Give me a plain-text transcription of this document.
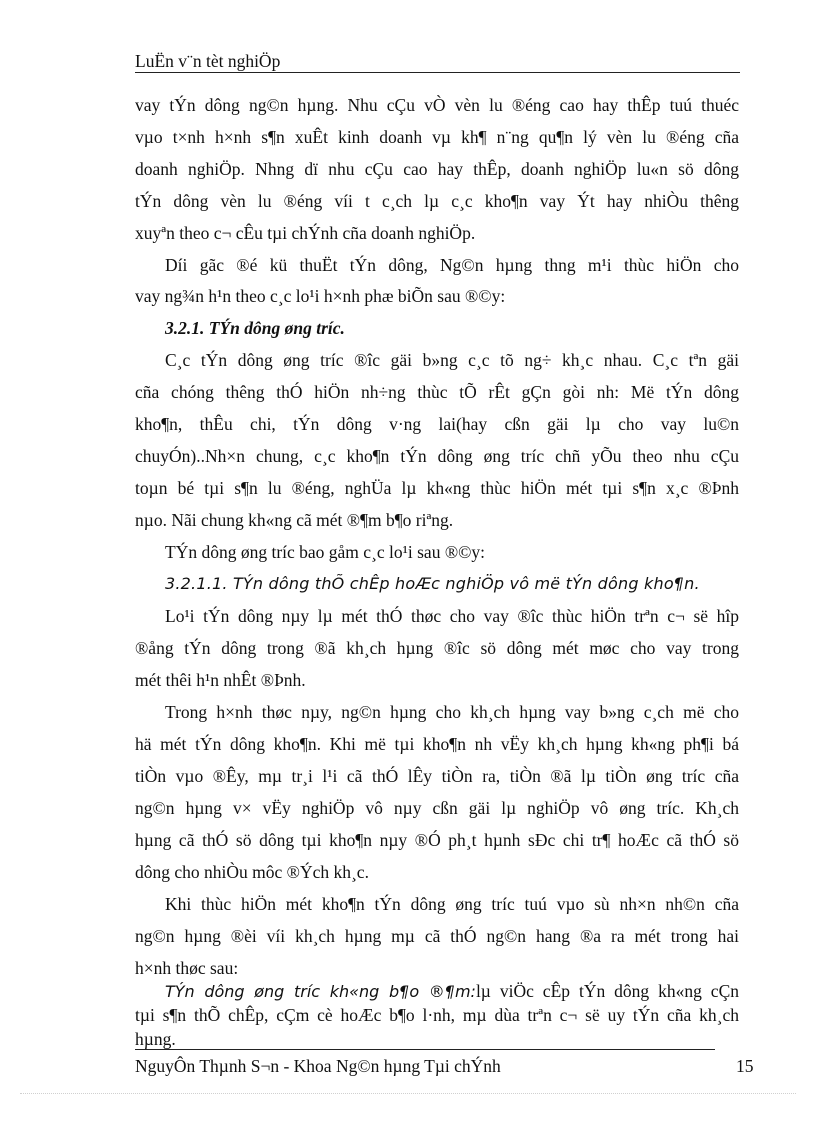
LuËn v¨n tèt nghiÖp
vay tÝn dông ng©n hµng. Nhu cÇu vÒ vèn lu ®éng cao hay thÊp tuú thuéc
vµo t×nh h×nh s¶n xuÊt kinh doanh vµ kh¶ n¨ng qu¶n lý vèn lu ®éng cña
doanh nghiÖp. Nhng dï nhu cÇu cao hay thÊp, doanh nghiÖp lu«n sö dông
tÝn dông vèn lu ®éng víi t c¸ch lµ c¸c kho¶n vay Ýt hay nhiÒu thêng
xuyªn theo c¬ cÊu tµi chÝnh cña doanh nghiÖp.
Díi gãc ®é kü thuËt tÝn dông, Ng©n hµng thng m¹i thùc hiÖn cho
vay ng¾n h¹n theo c¸c lo¹i h×nh phæ biÕn sau ®©y:
3.2.1. TÝn dông øng tríc.
C¸c tÝn dông øng tríc ®îc gäi b»ng c¸c tõ ng÷ kh¸c nhau. C¸c tªn gäi
cña chóng thêng thÓ hiÖn nh÷ng thùc tÕ rÊt gÇn gòi nh: Më tÝn dông
kho¶n, thÊu chi, tÝn dông v·ng lai(hay cßn gäi lµ cho vay lu©n
chuyÓn)..Nh×n chung, c¸c kho¶n tÝn dông øng tríc chñ yÕu theo nhu cÇu
toµn bé tµi s¶n lu ®éng, nghÜa lµ kh«ng thùc hiÖn mét tµi s¶n x¸c ®Þnh
nµo. Nãi chung kh«ng cã mét ®¶m b¶o riªng.
TÝn dông øng tríc bao gåm c¸c lo¹i sau ®©y:
3.2.1.1. TÝn dông thÕ chÊp hoÆc nghiÖp vô më tÝn dông kho¶n.
Lo¹i tÝn dông nµy lµ mét thÓ thøc cho vay ®îc thùc hiÖn trªn c¬ së hîp
®ång tÝn dông trong ®ã kh¸ch hµng ®îc sö dông mét møc cho vay trong
mét thêi h¹n nhÊt ®Þnh.
Trong h×nh thøc nµy, ng©n hµng cho kh¸ch hµng vay b»ng c¸ch më cho
hä mét tÝn dông kho¶n. Khi më tµi kho¶n nh vËy kh¸ch hµng kh«ng ph¶i bá
tiÒn vµo ®Êy, mµ tr¸i l¹i cã thÓ lÊy tiÒn ra, tiÒn ®ã lµ tiÒn øng tríc cña
ng©n hµng v× vËy nghiÖp vô nµy cßn gäi lµ nghiÖp vô øng tríc. Kh¸ch
hµng cã thÓ sö dông tµi kho¶n nµy ®Ó ph¸t hµnh sÐc chi tr¶ hoÆc cã thÓ sö
dông cho nhiÒu môc ®Ých kh¸c.
Khi thùc hiÖn mét kho¶n tÝn dông øng tríc tuú vµo sù nh×n nh©n cña
ng©n hµng ®èi víi kh¸ch hµng mµ cã thÓ ng©n hang ®a ra mét trong hai
h×nh thøc sau:
TÝn dông øng tríc kh«ng b¶o ®¶m:lµ viÖc cÊp tÝn dông kh«ng cÇn
tµi s¶n thÕ chÊp, cÇm cè hoÆc b¶o l·nh, mµ dùa trªn c¬ së uy tÝn cña kh¸ch
hµng.
NguyÔn Thµnh S¬n - Khoa Ng©n hµng Tµi chÝnh	15
